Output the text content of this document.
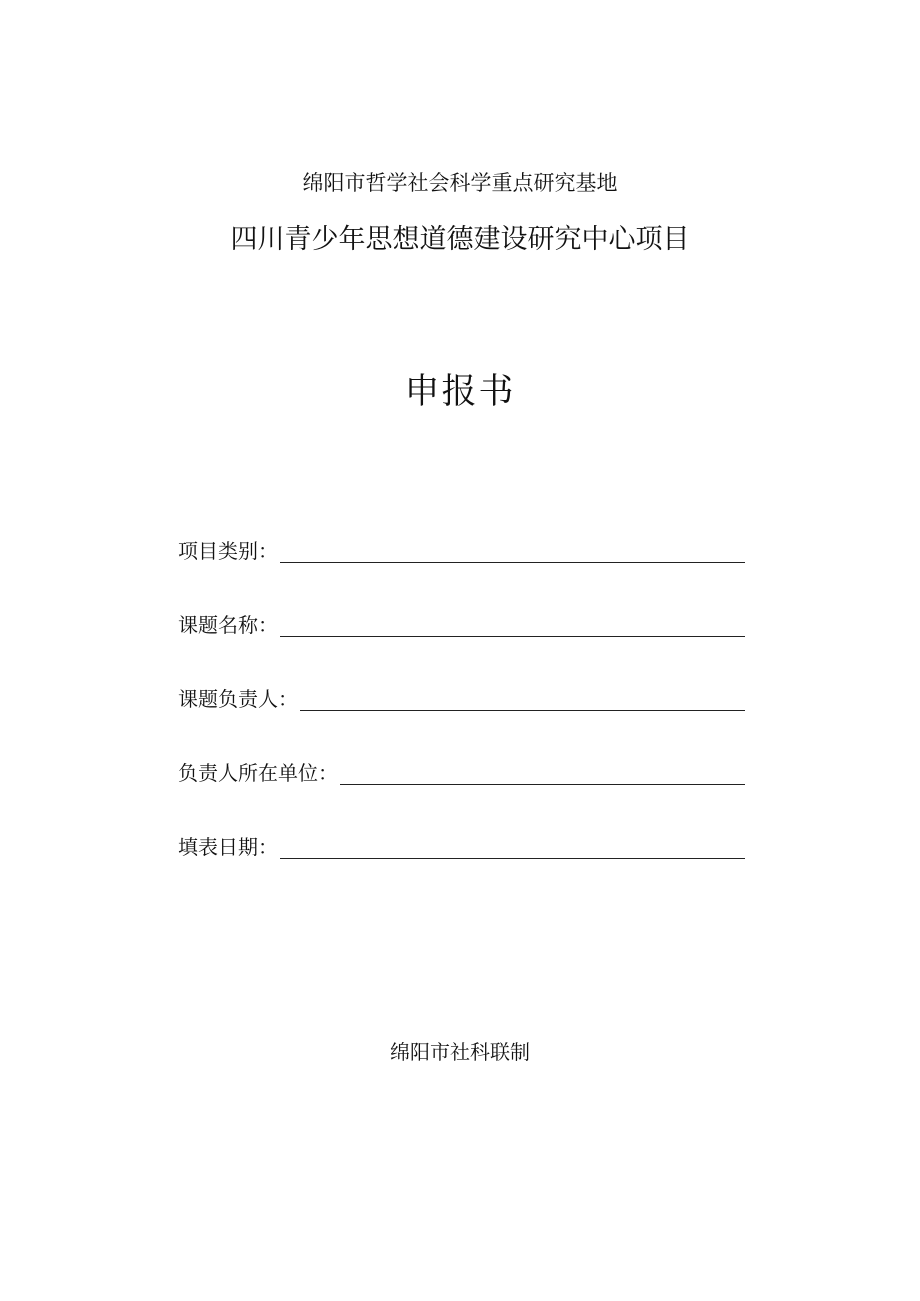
绵阳市哲学社会科学重点研究基地
四川青少年思想道德建设研究中心项目
申报书
项目类别：
课题名称：
课题负责人：
负责人所在单位：
填表日期：
绵阳市社科联制
